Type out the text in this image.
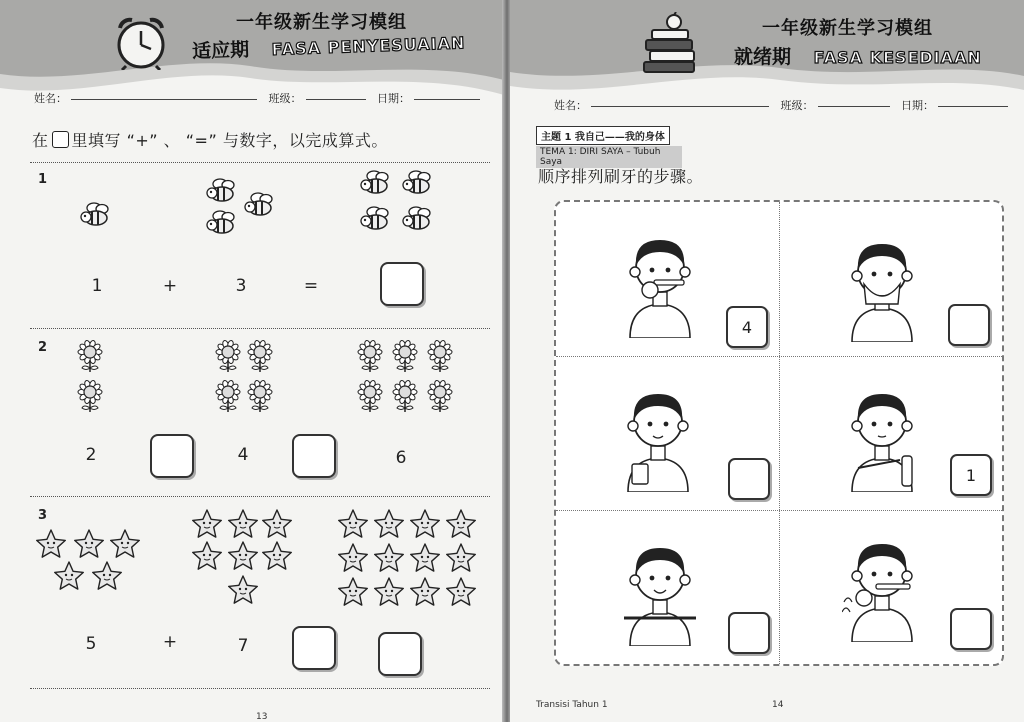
一年级新生学习模组
适应期 FASA PENYESUAIAN
姓名：	班级：	日期：
在 里填写 “+” 、 “=” 与数字，以完成算式。
1
1	+	3	=
2
2	4	6
3
5	+	7
13
一年级新生学习模组
就绪期 FASA KESEDIAAN
姓名：	班级：	日期：
主题 1 我自己——我的身体
TEMA 1: DIRI SAYA – Tubuh Saya
顺序排列刷牙的步骤。
4
1
Transisi Tahun 1	14
